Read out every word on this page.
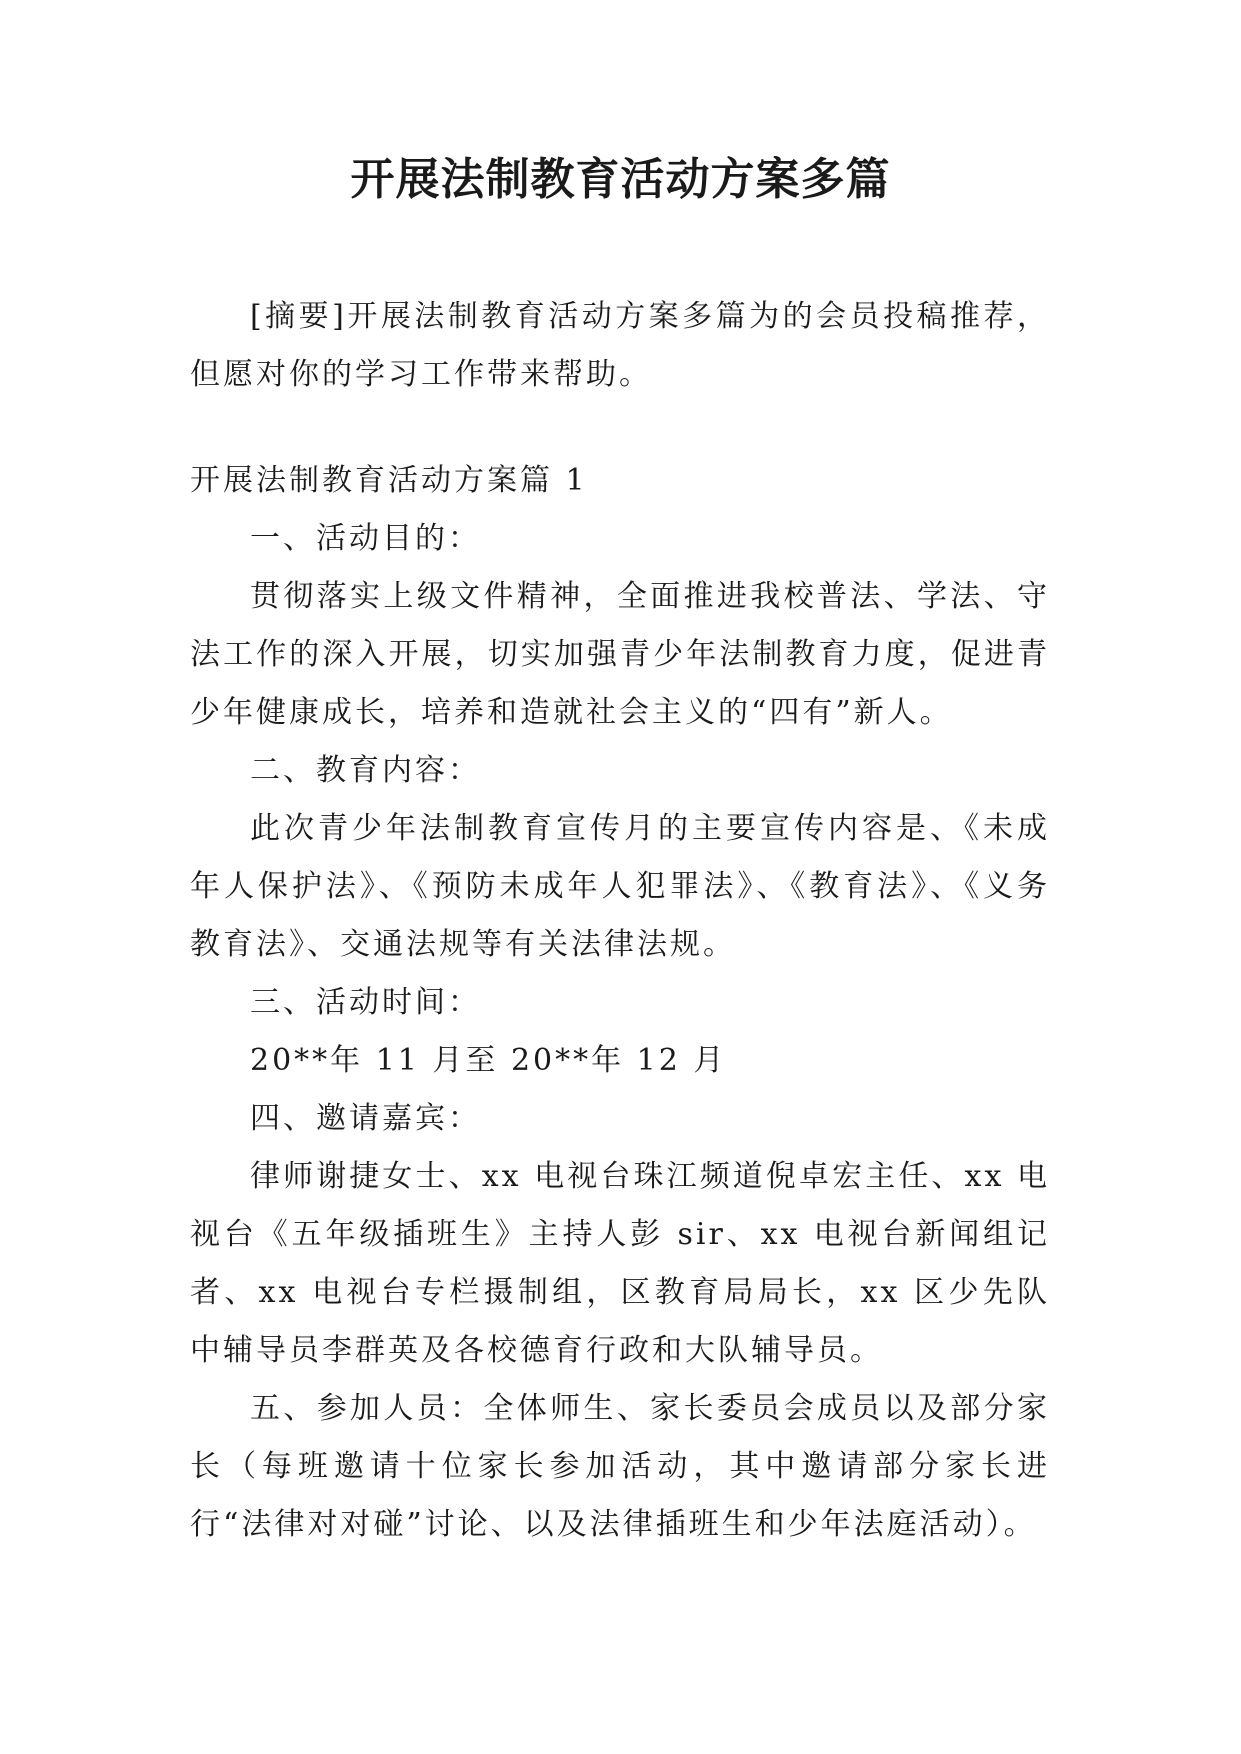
开展法制教育活动方案多篇

[摘要]开展法制教育活动方案多篇为的会员投稿推荐，但愿对你的学习工作带来帮助。

开展法制教育活动方案篇 1

一、活动目的：

贯彻落实上级文件精神，全面推进我校普法、学法、守法工作的深入开展，切实加强青少年法制教育力度，促进青少年健康成长，培养和造就社会主义的“四有”新人。

二、教育内容：

此次青少年法制教育宣传月的主要宣传内容是、《未成年人保护法》、《预防未成年人犯罪法》、《教育法》、《义务教育法》、交通法规等有关法律法规。

三、活动时间：

20**年 11 月至 20**年 12 月

四、邀请嘉宾：

律师谢捷女士、xx 电视台珠江频道倪卓宏主任、xx 电视台《五年级插班生》主持人彭 sir、xx 电视台新闻组记者、xx 电视台专栏摄制组，区教育局局长，xx 区少先队中辅导员李群英及各校德育行政和大队辅导员。

五、参加人员：全体师生、家长委员会成员以及部分家长（每班邀请十位家长参加活动，其中邀请部分家长进行“法律对对碰”讨论、以及法律插班生和少年法庭活动）。
